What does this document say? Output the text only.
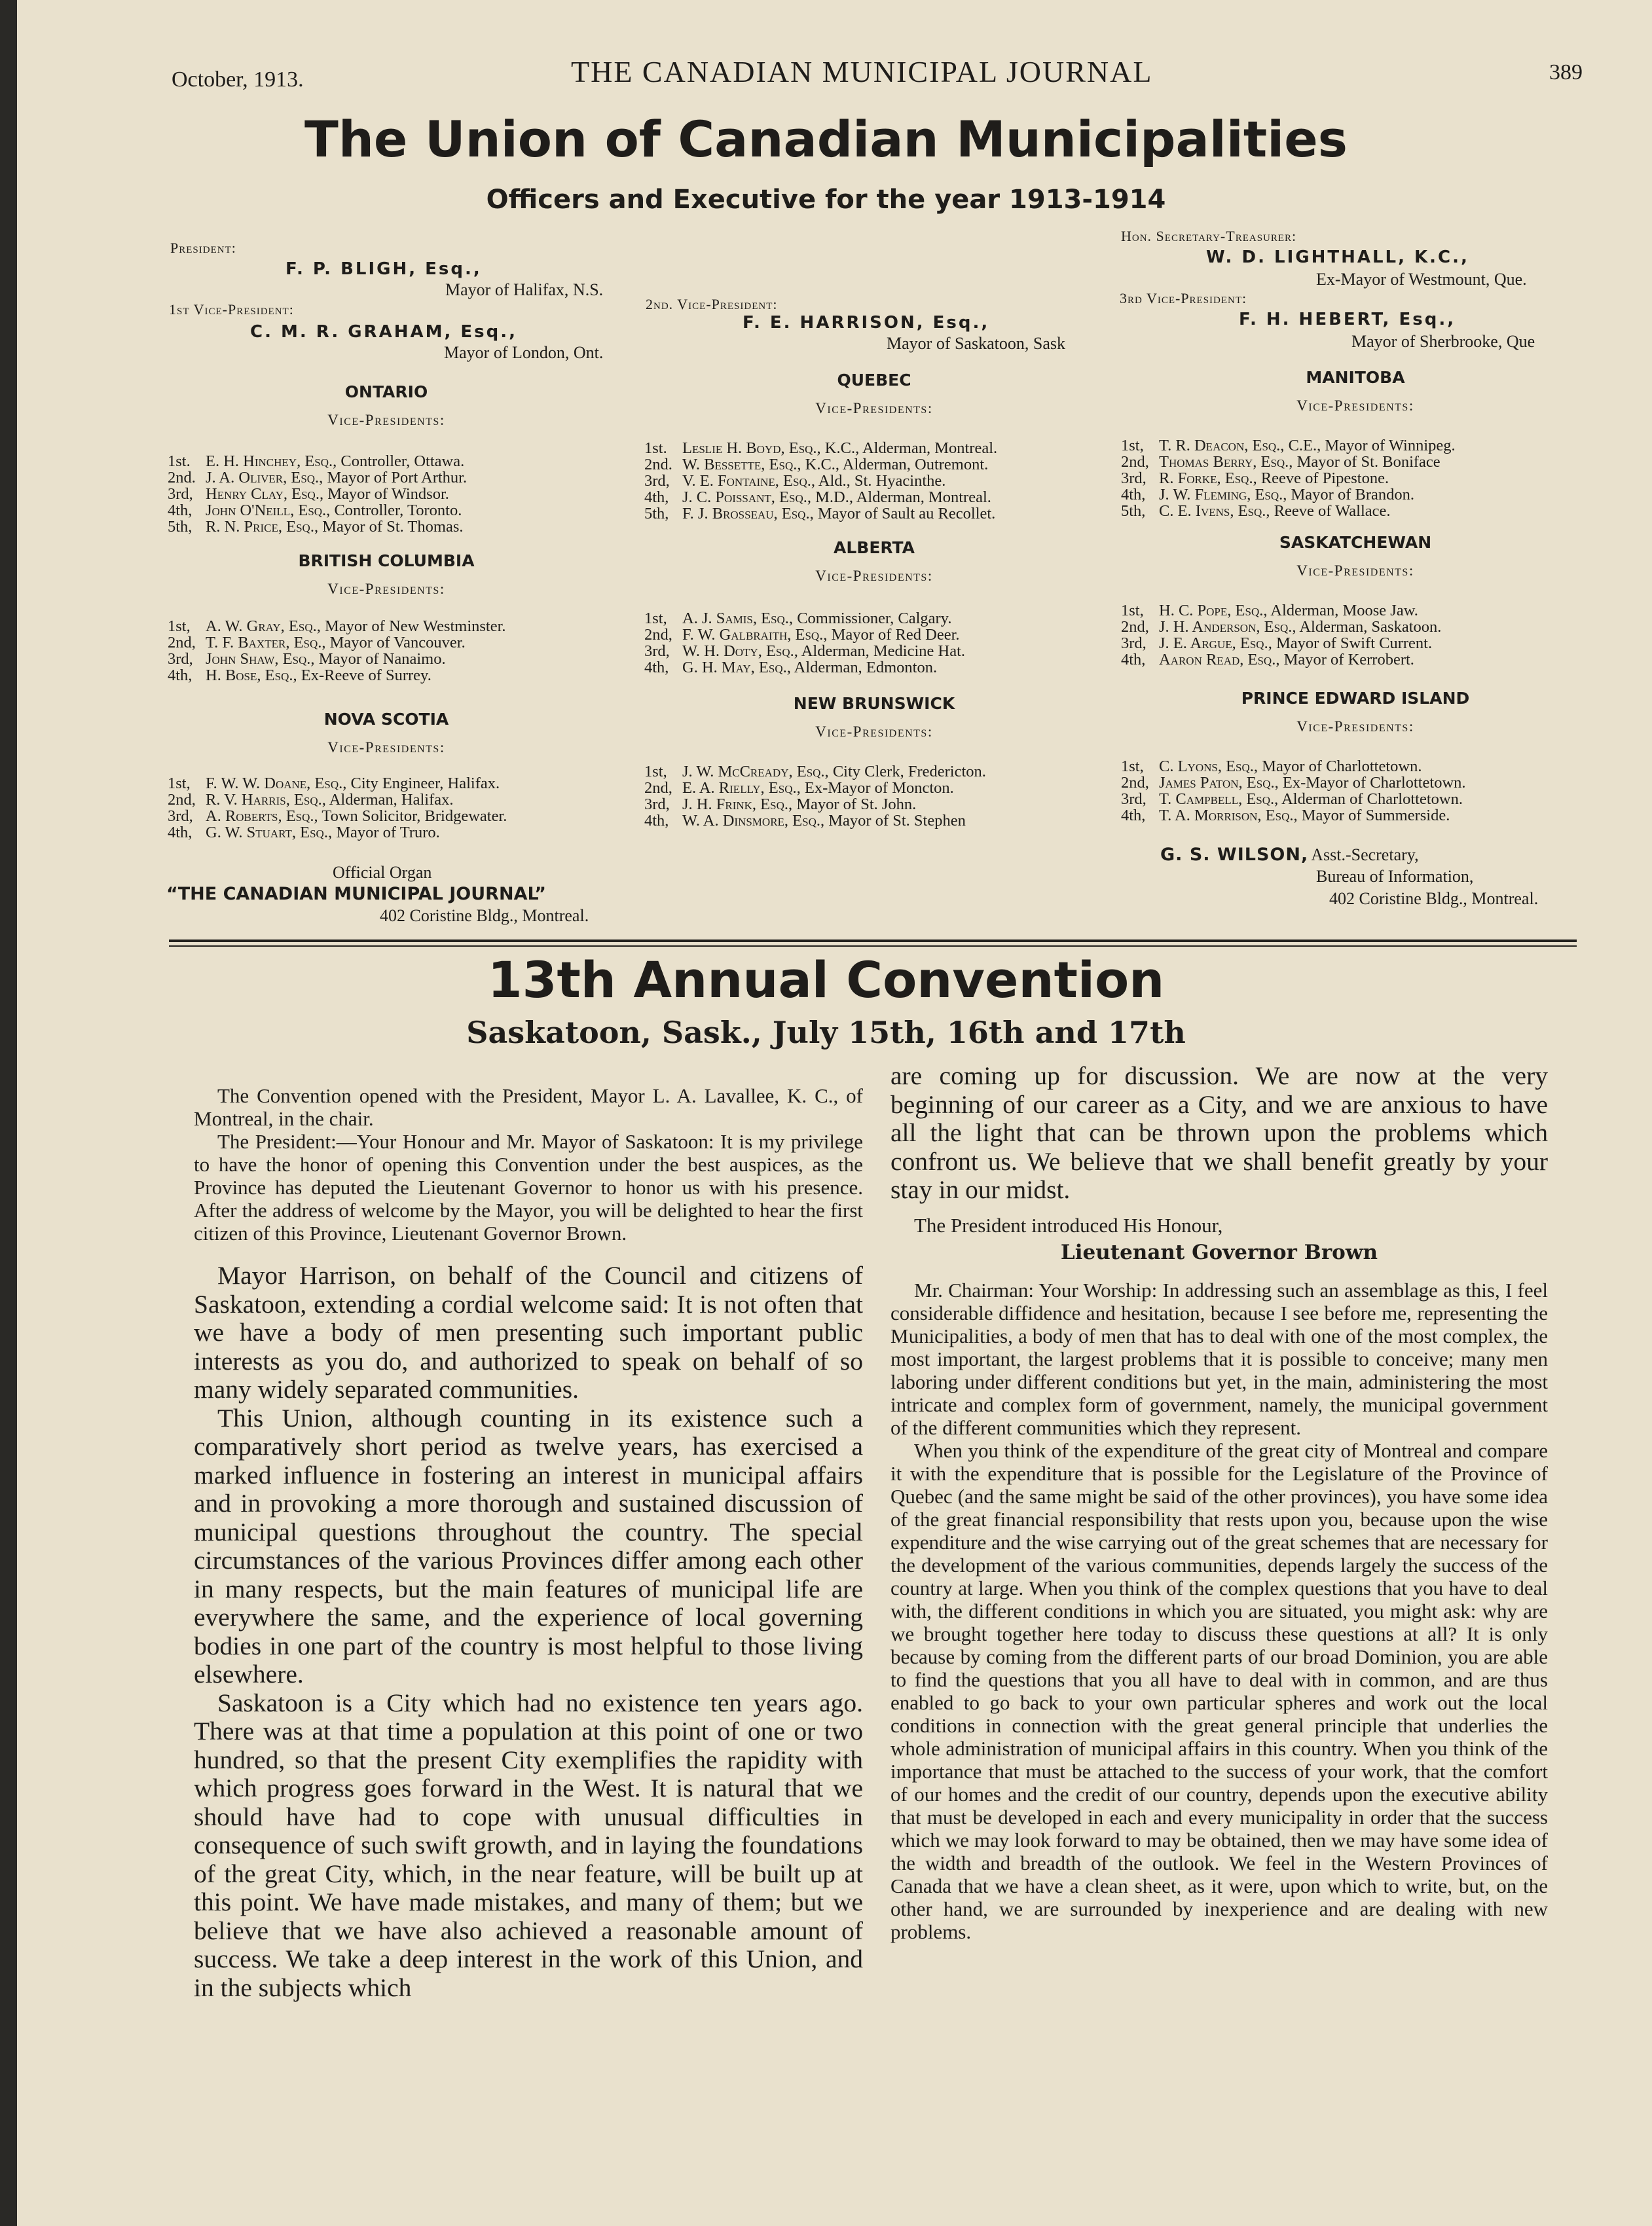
October, 1913.	THE CANADIAN MUNICIPAL JOURNAL	389
The Union of Canadian Municipalities
Officers and Executive for the year 1913-1914
President:
F. P. BLIGH, Esq.,
Mayor of Halifax, N.S.
1st Vice-President:
C. M. R. GRAHAM, Esq.,
Mayor of London, Ont.
2nd. Vice-President:
F. E. HARRISON, Esq.,
Mayor of Saskatoon, Sask
Hon. Secretary-Treasurer:
W. D. LIGHTHALL, K.C.,
Ex-Mayor of Westmount, Que.
3rd Vice-President:
F. H. HEBERT, Esq.,
Mayor of Sherbrooke, Que
ONTARIO
Vice-Presidents:
1st. E. H. Hinchey, Esq., Controller, Ottawa.
2nd. J. A. Oliver, Esq., Mayor of Port Arthur.
3rd, Henry Clay, Esq., Mayor of Windsor.
4th, John O'Neill, Esq., Controller, Toronto.
5th, R. N. Price, Esq., Mayor of St. Thomas.
BRITISH COLUMBIA
Vice-Presidents:
1st, A. W. Gray, Esq., Mayor of New Westminster.
2nd, T. F. Baxter, Esq., Mayor of Vancouver.
3rd, John Shaw, Esq., Mayor of Nanaimo.
4th, H. Bose, Esq., Ex-Reeve of Surrey.
NOVA SCOTIA
Vice-Presidents:
1st, F. W. W. Doane, Esq., City Engineer, Halifax.
2nd, R. V. Harris, Esq., Alderman, Halifax.
3rd, A. Roberts, Esq., Town Solicitor, Bridgewater.
4th, G. W. Stuart, Esq., Mayor of Truro.
Official Organ
“THE CANADIAN MUNICIPAL JOURNAL”
402 Coristine Bldg., Montreal.
QUEBEC
Vice-Presidents:
1st. Leslie H. Boyd, Esq., K.C., Alderman, Montreal.
2nd. W. Bessette, Esq., K.C., Alderman, Outremont.
3rd, V. E. Fontaine, Esq., Ald., St. Hyacinthe.
4th, J. C. Poissant, Esq., M.D., Alderman, Montreal.
5th, F. J. Brosseau, Esq., Mayor of Sault au Recollet.
ALBERTA
Vice-Presidents:
1st, A. J. Samis, Esq., Commissioner, Calgary.
2nd, F. W. Galbraith, Esq., Mayor of Red Deer.
3rd, W. H. Doty, Esq., Alderman, Medicine Hat.
4th, G. H. May, Esq., Alderman, Edmonton.
NEW BRUNSWICK
Vice-Presidents:
1st, J. W. McCready, Esq., City Clerk, Fredericton.
2nd, E. A. Rielly, Esq., Ex-Mayor of Moncton.
3rd, J. H. Frink, Esq., Mayor of St. John.
4th, W. A. Dinsmore, Esq., Mayor of St. Stephen
MANITOBA
Vice-Presidents:
1st, T. R. Deacon, Esq., C.E., Mayor of Winnipeg.
2nd, Thomas Berry, Esq., Mayor of St. Boniface
3rd, R. Forke, Esq., Reeve of Pipestone.
4th, J. W. Fleming, Esq., Mayor of Brandon.
5th, C. E. Ivens, Esq., Reeve of Wallace.
SASKATCHEWAN
Vice-Presidents:
1st, H. C. Pope, Esq., Alderman, Moose Jaw.
2nd, J. H. Anderson, Esq., Alderman, Saskatoon.
3rd, J. E. Argue, Esq., Mayor of Swift Current.
4th, Aaron Read, Esq., Mayor of Kerrobert.
PRINCE EDWARD ISLAND
Vice-Presidents:
1st, C. Lyons, Esq., Mayor of Charlottetown.
2nd, James Paton, Esq., Ex-Mayor of Charlottetown.
3rd, T. Campbell, Esq., Alderman of Charlottetown.
4th, T. A. Morrison, Esq., Mayor of Summerside.
G. S. WILSON, Asst.-Secretary,
Bureau of Information,
402 Coristine Bldg., Montreal.
13th Annual Convention
Saskatoon, Sask., July 15th, 16th and 17th

The Convention opened with the President, Mayor L. A. Lavallee, K. C., of Montreal, in the chair.

The President:—Your Honour and Mr. Mayor of Saskatoon: It is my privilege to have the honor of opening this Convention under the best auspices, as the Province has deputed the Lieutenant Governor to honor us with his presence. After the address of welcome by the Mayor, you will be delighted to hear the first citizen of this Province, Lieutenant Governor Brown.

Mayor Harrison, on behalf of the Council and citizens of Saskatoon, extending a cordial welcome said: It is not often that we have a body of men presenting such important public interests as you do, and authorized to speak on behalf of so many widely separated communities.

This Union, although counting in its existence such a comparatively short period as twelve years, has exercised a marked influence in fostering an interest in municipal affairs and in provoking a more thorough and sustained discussion of municipal questions throughout the country. The special circumstances of the various Provinces differ among each other in many respects, but the main features of municipal life are everywhere the same, and the experience of local governing bodies in one part of the country is most helpful to those living elsewhere.

Saskatoon is a City which had no existence ten years ago. There was at that time a population at this point of one or two hundred, so that the present City exemplifies the rapidity with which progress goes forward in the West. It is natural that we should have had to cope with unusual difficulties in consequence of such swift growth, and in laying the foundations of the great City, which, in the near feature, will be built up at this point. We have made mistakes, and many of them; but we believe that we have also achieved a reasonable amount of success. We take a deep interest in the work of this Union, and in the subjects which

are coming up for discussion. We are now at the very beginning of our career as a City, and we are anxious to have all the light that can be thrown upon the problems which confront us. We believe that we shall benefit greatly by your stay in our midst.

The President introduced His Honour,

Lieutenant Governor Brown

Mr. Chairman: Your Worship: In addressing such an assemblage as this, I feel considerable diffidence and hesitation, because I see before me, representing the Municipalities, a body of men that has to deal with one of the most complex, the most important, the largest problems that it is possible to conceive; many men laboring under different conditions but yet, in the main, administering the most intricate and complex form of government, namely, the municipal government of the different communities which they represent.

When you think of the expenditure of the great city of Montreal and compare it with the expenditure that is possible for the Legislature of the Province of Quebec (and the same might be said of the other provinces), you have some idea of the great financial responsibility that rests upon you, because upon the wise expenditure and the wise carrying out of the great schemes that are necessary for the development of the various communities, depends largely the success of the country at large. When you think of the complex questions that you have to deal with, the different conditions in which you are situated, you might ask: why are we brought together here today to discuss these questions at all? It is only because by coming from the different parts of our broad Dominion, you are able to find the questions that you all have to deal with in common, and are thus enabled to go back to your own particular spheres and work out the local conditions in connection with the great general principle that underlies the whole administration of municipal affairs in this country. When you think of the importance that must be attached to the success of your work, that the comfort of our homes and the credit of our country, depends upon the executive ability that must be developed in each and every municipality in order that the success which we may look forward to may be obtained, then we may have some idea of the width and breadth of the outlook. We feel in the Western Provinces of Canada that we have a clean sheet, as it were, upon which to write, but, on the other hand, we are surrounded by inexperience and are dealing with new problems.
